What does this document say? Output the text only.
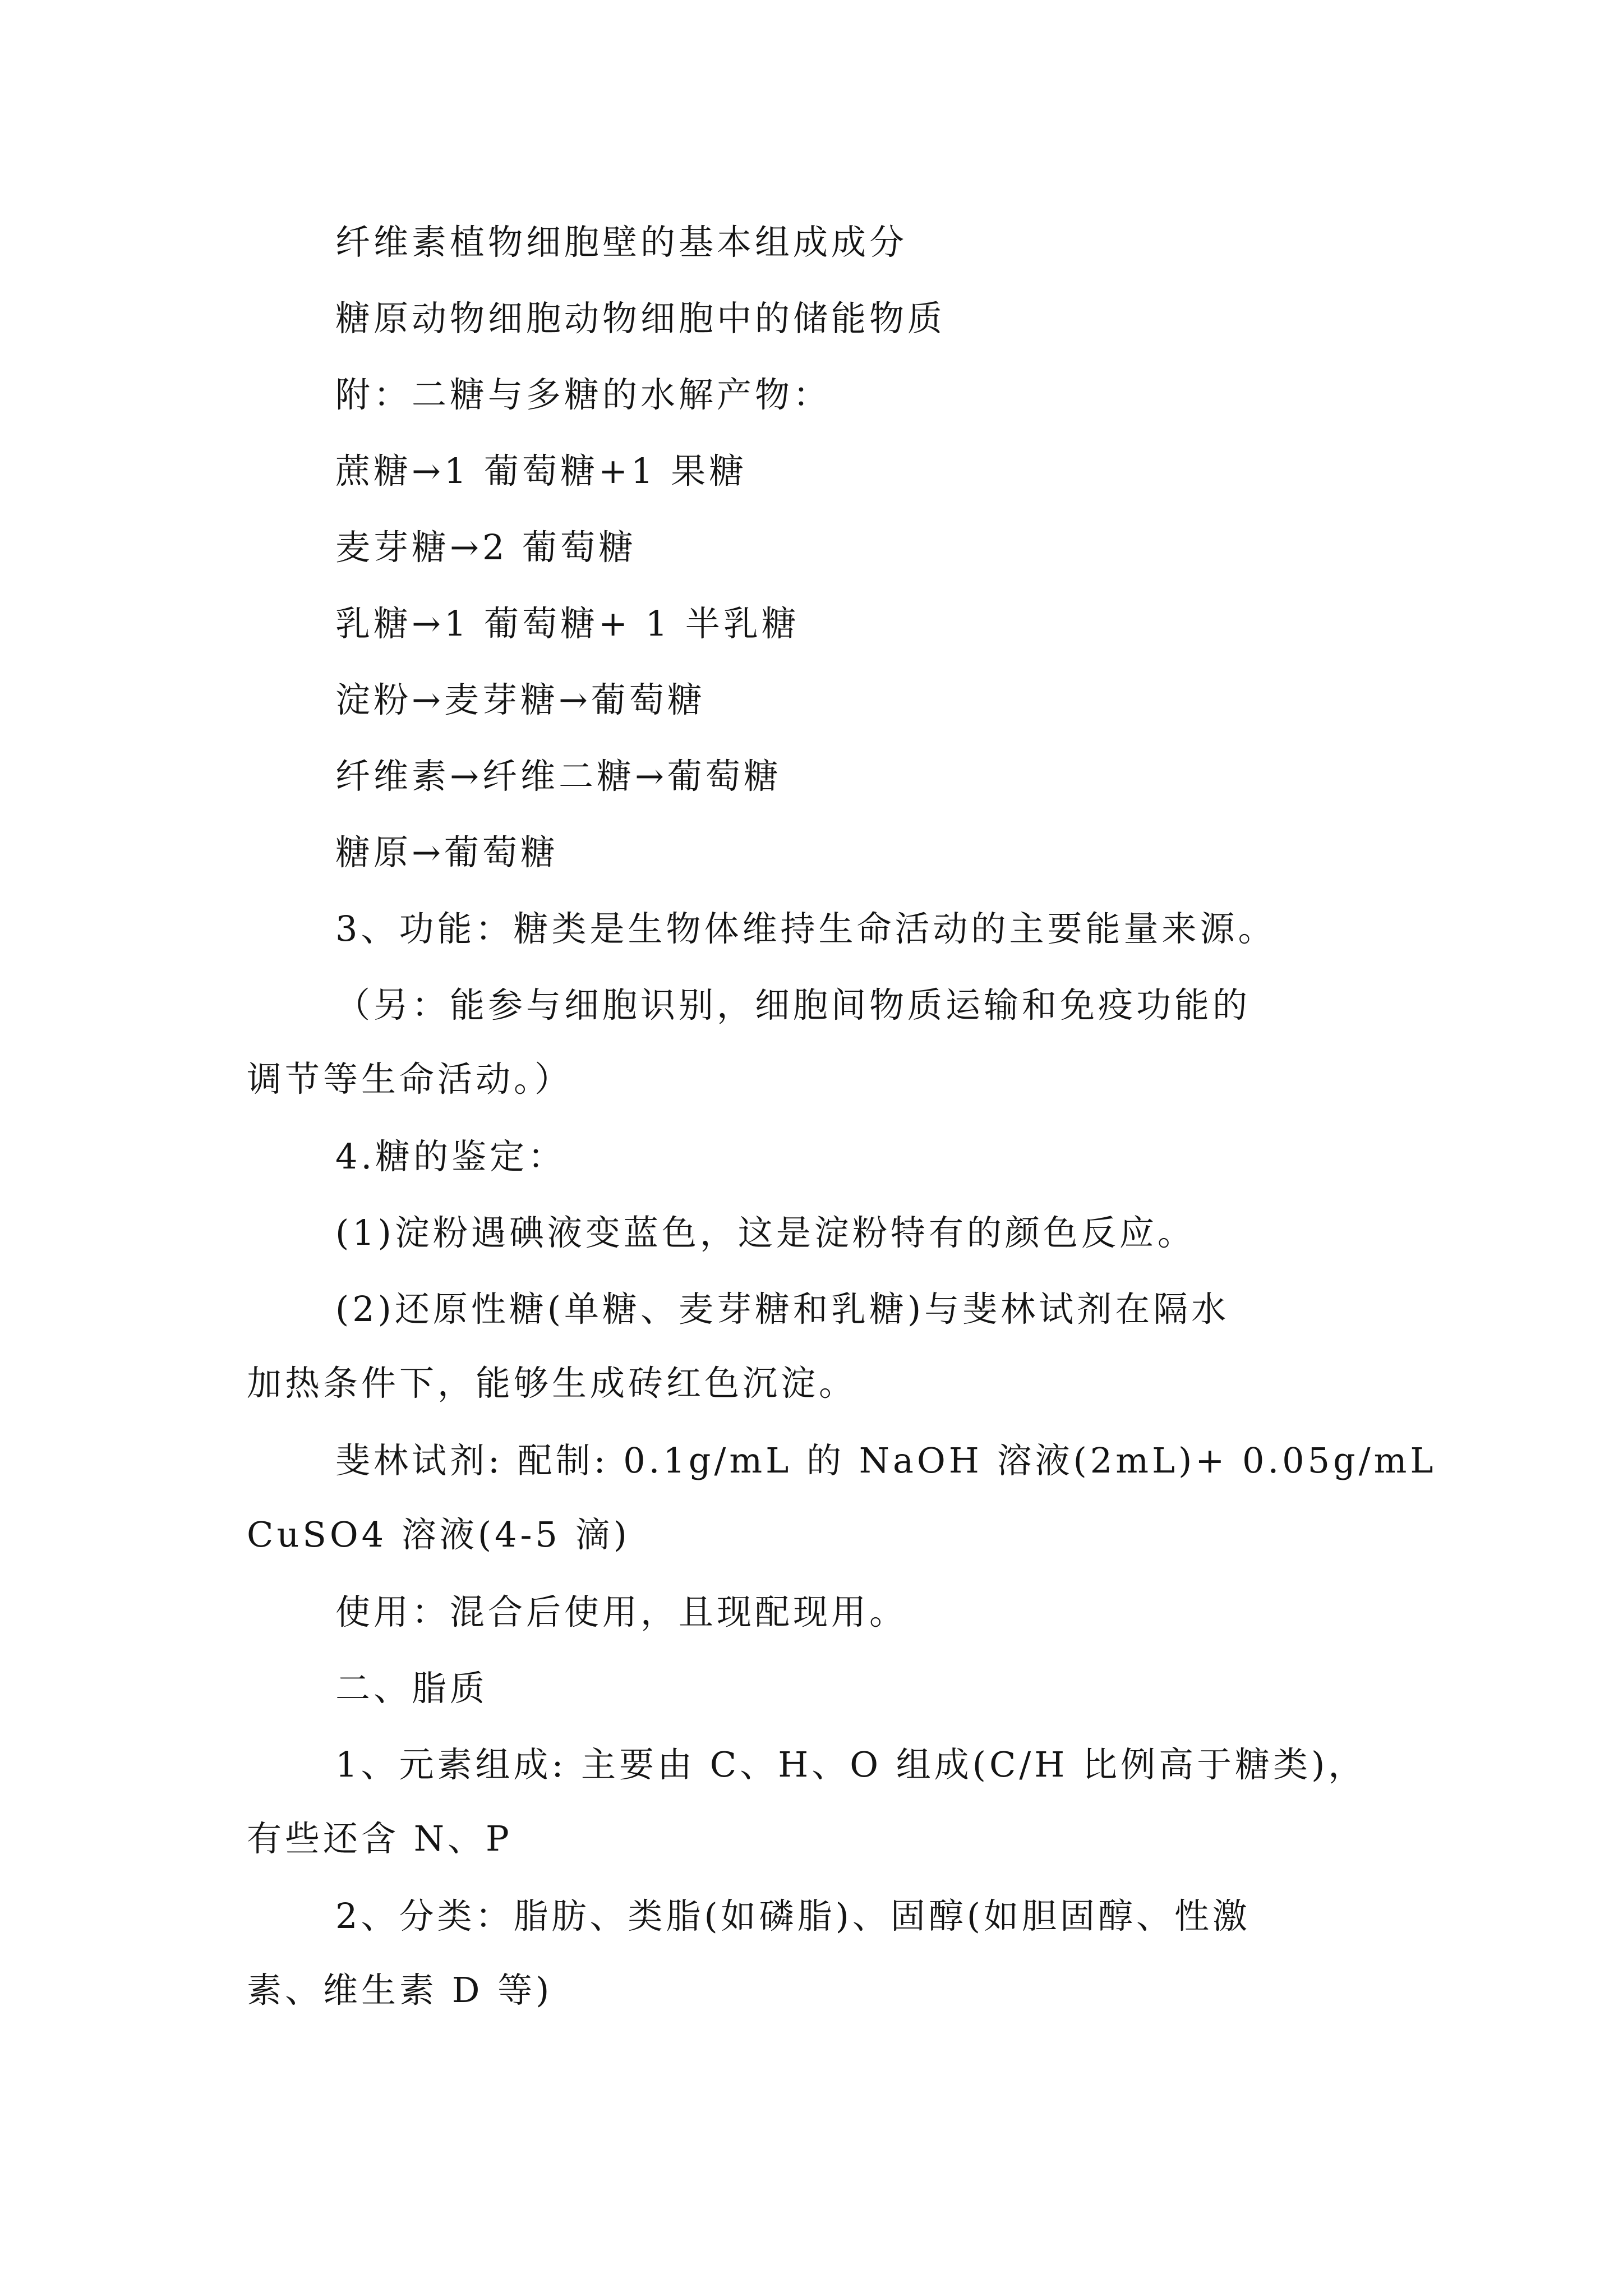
纤维素植物细胞壁的基本组成成分
糖原动物细胞动物细胞中的储能物质
附：二糖与多糖的水解产物：
蔗糖→1 葡萄糖+1 果糖
麦芽糖→2 葡萄糖
乳糖→1 葡萄糖+ 1 半乳糖
淀粉→麦芽糖→葡萄糖
纤维素→纤维二糖→葡萄糖
糖原→葡萄糖
3、功能：糖类是生物体维持生命活动的主要能量来源。
（另：能参与细胞识别，细胞间物质运输和免疫功能的
调节等生命活动。）
4.糖的鉴定：
(1)淀粉遇碘液变蓝色，这是淀粉特有的颜色反应。
(2)还原性糖(单糖、麦芽糖和乳糖)与斐林试剂在隔水
加热条件下，能够生成砖红色沉淀。
斐林试剂: 配制: 0.1g/mL 的 NaOH 溶液(2mL)+ 0.05g/mL
CuSO4 溶液(4-5 滴)
使用：混合后使用，且现配现用。
二、脂质
1、元素组成: 主要由 C、H、O 组成(C/H 比例高于糖类)，
有些还含 N、P
2、分类：脂肪、类脂(如磷脂)、固醇(如胆固醇、性激
素、维生素 D 等)
